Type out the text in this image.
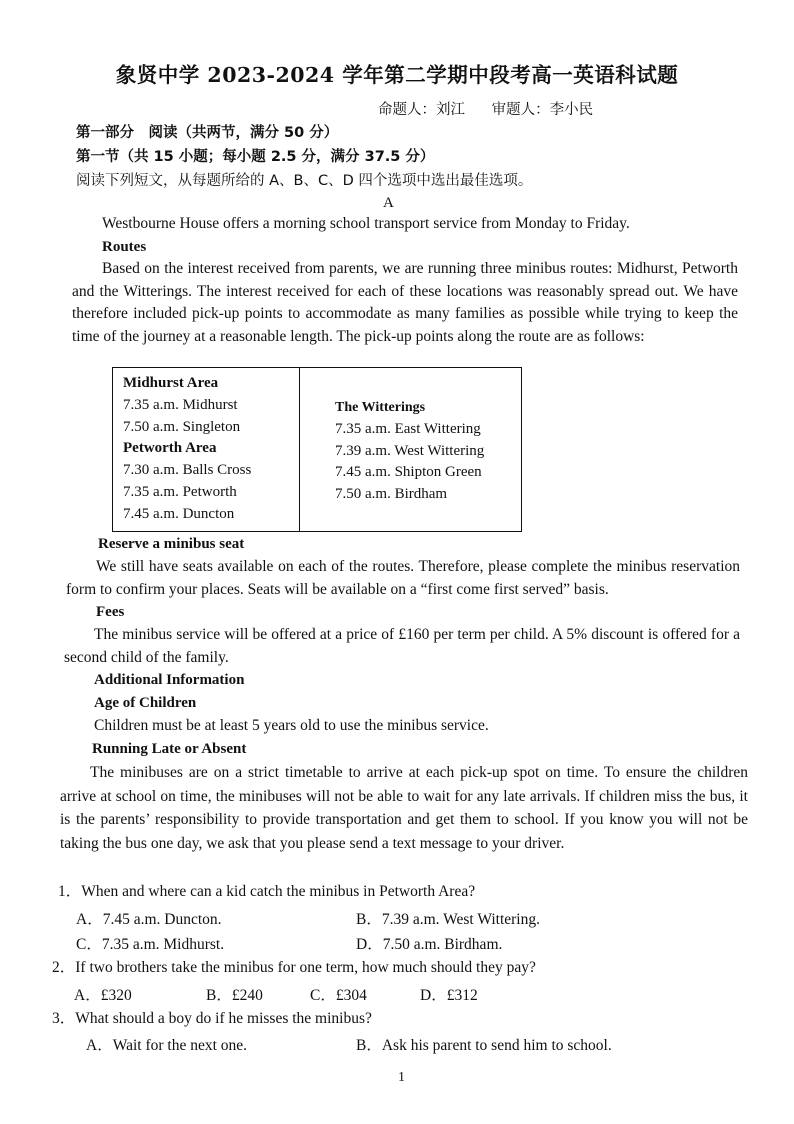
象贤中学 2023-2024 学年第二学期中段考高一英语科试题
命题人：刘江 审题人：李小民
第一部分　阅读（共两节，满分 50 分）
第一节（共 15 小题；每小题 2.5 分，满分 37.5 分）
阅读下列短文，从每题所给的 A、B、C、D 四个选项中选出最佳选项。
A
Westbourne House offers a morning school transport service from Monday to Friday.
Routes
Based on the interest received from parents, we are running three minibus routes: Midhurst, Petworth and the Witterings. The interest received for each of these locations was reasonably spread out. We have therefore included pick-up points to accommodate as many families as possible while trying to keep the time of the journey at a reasonable length. The pick-up points along the route are as follows:
Midhurst Area
7.35 a.m. Midhurst
7.50 a.m. Singleton
Petworth Area
7.30 a.m. Balls Cross
7.35 a.m. Petworth
7.45 a.m. Duncton
The Witterings
7.35 a.m. East Wittering
7.39 a.m. West Wittering
7.45 a.m. Shipton Green
7.50 a.m. Birdham
Reserve a minibus seat
We still have seats available on each of the routes. Therefore, please complete the minibus reservation form to confirm your places. Seats will be available on a “first come first served” basis.
Fees
The minibus service will be offered at a price of £160 per term per child. A 5% discount is offered for a second child of the family.
Additional Information
Age of Children
Children must be at least 5 years old to use the minibus service.
Running Late or Absent
The minibuses are on a strict timetable to arrive at each pick-up spot on time. To ensure the children arrive at school on time, the minibuses will not be able to wait for any late arrivals. If children miss the bus, it is the parents’ responsibility to provide transportation and get them to school. If you know you will not be taking the bus one day, we ask that you please send a text message to your driver.
1．When and where can a kid catch the minibus in Petworth Area?
A．7.45 a.m. Duncton.	B．7.39 a.m. West Wittering.
C．7.35 a.m. Midhurst.	D．7.50 a.m. Birdham.
2．If two brothers take the minibus for one term, how much should they pay?
A．£320	B．£240	C．£304	D．£312
3．What should a boy do if he misses the minibus?
A．Wait for the next one.	B．Ask his parent to send him to school.
1
